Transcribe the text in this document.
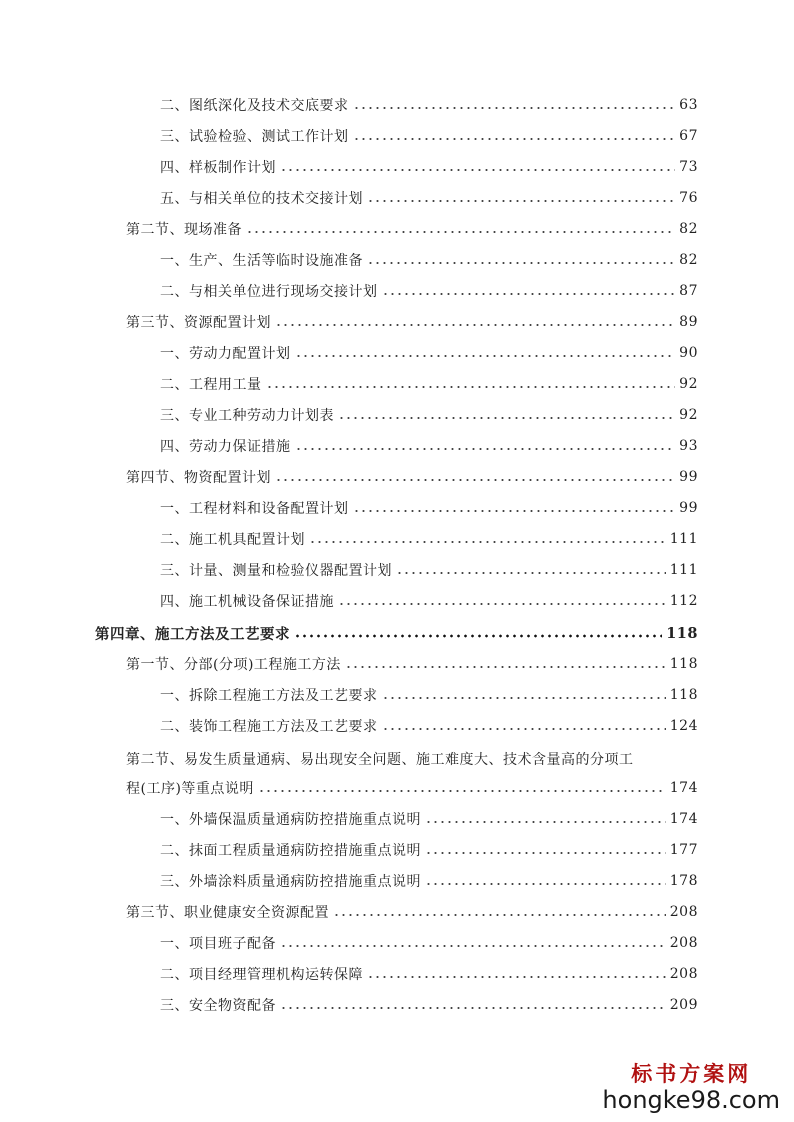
二、图纸深化及技术交底要求	63
三、试验检验、测试工作计划	67
四、样板制作计划	73
五、与相关单位的技术交接计划	76
第二节、现场准备	82
一、生产、生活等临时设施准备	82
二、与相关单位进行现场交接计划	87
第三节、资源配置计划	89
一、劳动力配置计划	90
二、工程用工量	92
三、专业工种劳动力计划表	92
四、劳动力保证措施	93
第四节、物资配置计划	99
一、工程材料和设备配置计划	99
二、施工机具配置计划	111
三、计量、测量和检验仪器配置计划	111
四、施工机械设备保证措施	112
第四章、施工方法及工艺要求	118
第一节、分部(分项)工程施工方法	118
一、拆除工程施工方法及工艺要求	118
二、装饰工程施工方法及工艺要求	124
第二节、易发生质量通病、易出现安全问题、施工难度大、技术含量高的分项工
程(工序)等重点说明	174
一、外墙保温质量通病防控措施重点说明	174
二、抹面工程质量通病防控措施重点说明	177
三、外墙涂料质量通病防控措施重点说明	178
第三节、职业健康安全资源配置	208
一、项目班子配备	208
二、项目经理管理机构运转保障	208
三、安全物资配备	209
标书方案网
hongke98.com
